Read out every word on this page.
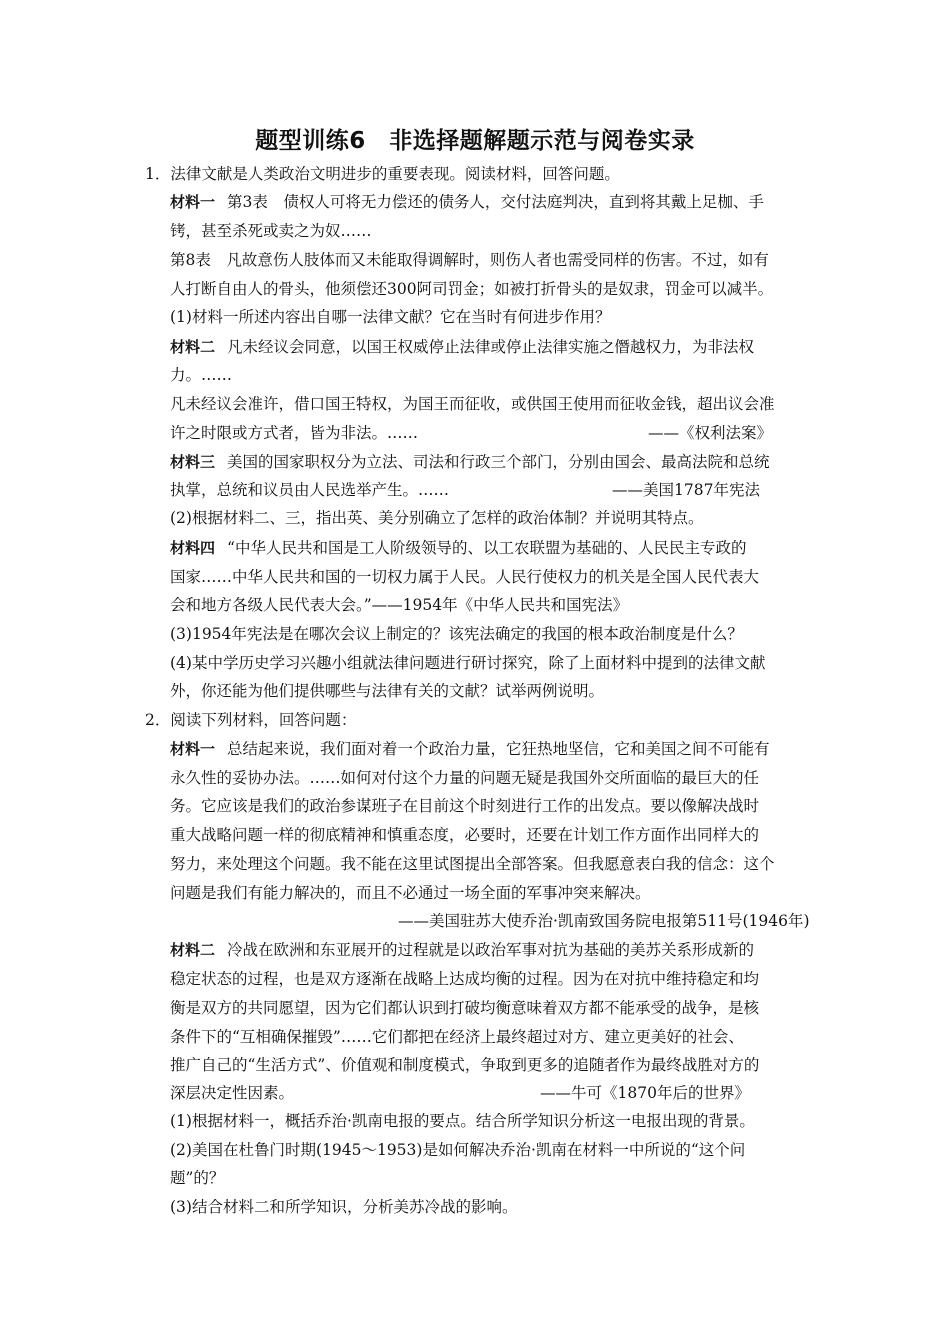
题型训练6　非选择题解题示范与阅卷实录
1．法律文献是人类政治文明进步的重要表现。阅读材料，回答问题。
材料一 第3表　债权人可将无力偿还的债务人，交付法庭判决，直到将其戴上足枷、手
铐，甚至杀死或卖之为奴……
第8表　凡故意伤人肢体而又未能取得调解时，则伤人者也需受同样的伤害。不过，如有
人打断自由人的骨头，他须偿还300阿司罚金；如被打折骨头的是奴隶，罚金可以减半。
(1)材料一所述内容出自哪一法律文献？它在当时有何进步作用？
材料二 凡未经议会同意，以国王权威停止法律或停止法律实施之僭越权力，为非法权
力。……
凡未经议会准许，借口国王特权，为国王而征收，或供国王使用而征收金钱，超出议会准
许之时限或方式者，皆为非法。……	——《权利法案》
材料三 美国的国家职权分为立法、司法和行政三个部门，分别由国会、最高法院和总统
执掌，总统和议员由人民选举产生。……	——美国1787年宪法
(2)根据材料二、三，指出英、美分别确立了怎样的政治体制？并说明其特点。
材料四 “中华人民共和国是工人阶级领导的、以工农联盟为基础的、人民民主专政的
国家……中华人民共和国的一切权力属于人民。人民行使权力的机关是全国人民代表大
会和地方各级人民代表大会。”——1954年《中华人民共和国宪法》
(3)1954年宪法是在哪次会议上制定的？该宪法确定的我国的根本政治制度是什么？
(4)某中学历史学习兴趣小组就法律问题进行研讨探究，除了上面材料中提到的法律文献
外，你还能为他们提供哪些与法律有关的文献？试举两例说明。
2．阅读下列材料，回答问题：
材料一 总结起来说，我们面对着一个政治力量，它狂热地坚信，它和美国之间不可能有
永久性的妥协办法。……如何对付这个力量的问题无疑是我国外交所面临的最巨大的任
务。它应该是我们的政治参谋班子在目前这个时刻进行工作的出发点。要以像解决战时
重大战略问题一样的彻底精神和慎重态度，必要时，还要在计划工作方面作出同样大的
努力，来处理这个问题。我不能在这里试图提出全部答案。但我愿意表白我的信念：这个
问题是我们有能力解决的，而且不必通过一场全面的军事冲突来解决。
——美国驻苏大使乔治·凯南致国务院电报第511号(1946年)
材料二 冷战在欧洲和东亚展开的过程就是以政治军事对抗为基础的美苏关系形成新的
稳定状态的过程，也是双方逐渐在战略上达成均衡的过程。因为在对抗中维持稳定和均
衡是双方的共同愿望，因为它们都认识到打破均衡意味着双方都不能承受的战争，是核
条件下的“互相确保摧毁”……它们都把在经济上最终超过对方、建立更美好的社会、
推广自己的“生活方式”、价值观和制度模式，争取到更多的追随者作为最终战胜对方的
深层决定性因素。	——牛可《1870年后的世界》
(1)根据材料一，概括乔治·凯南电报的要点。结合所学知识分析这一电报出现的背景。
(2)美国在杜鲁门时期(1945～1953)是如何解决乔治·凯南在材料一中所说的“这个问
题”的？
(3)结合材料二和所学知识，分析美苏冷战的影响。
